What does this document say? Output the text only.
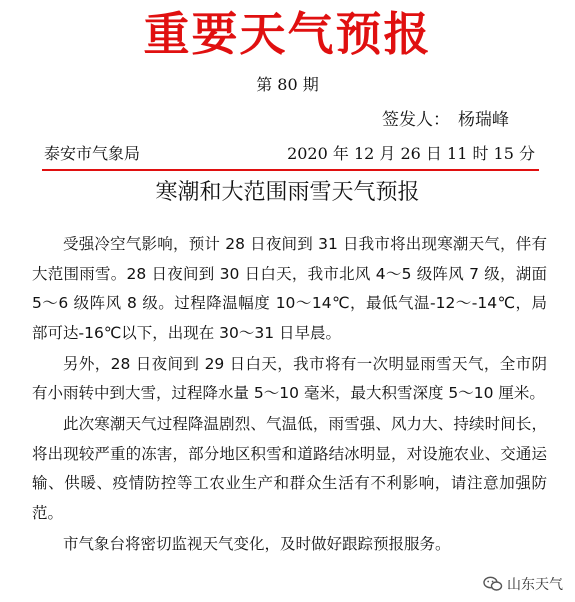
重要天气预报
第 80 期
签发人： 杨瑞峰
泰安市气象局	2020 年 12 月 26 日 11 时 15 分
寒潮和大范围雨雪天气预报

受强冷空气影响，预计 28 日夜间到 31 日我市将出现寒潮天气，伴有大范围雨雪。28 日夜间到 30 日白天，我市北风 4～5 级阵风 7 级，湖面 5～6 级阵风 8 级。过程降温幅度 10～14℃，最低气温-12～-14℃，局部可达-16℃以下，出现在 30～31 日早晨。

另外，28 日夜间到 29 日白天，我市将有一次明显雨雪天气，全市阴有小雨转中到大雪，过程降水量 5～10 毫米，最大积雪深度 5～10 厘米。

此次寒潮天气过程降温剧烈、气温低，雨雪强、风力大、持续时间长，将出现较严重的冻害，部分地区积雪和道路结冰明显，对设施农业、交通运输、供暖、疫情防控等工农业生产和群众生活有不利影响，请注意加强防范。

市气象台将密切监视天气变化，及时做好跟踪预报服务。

山东天气
